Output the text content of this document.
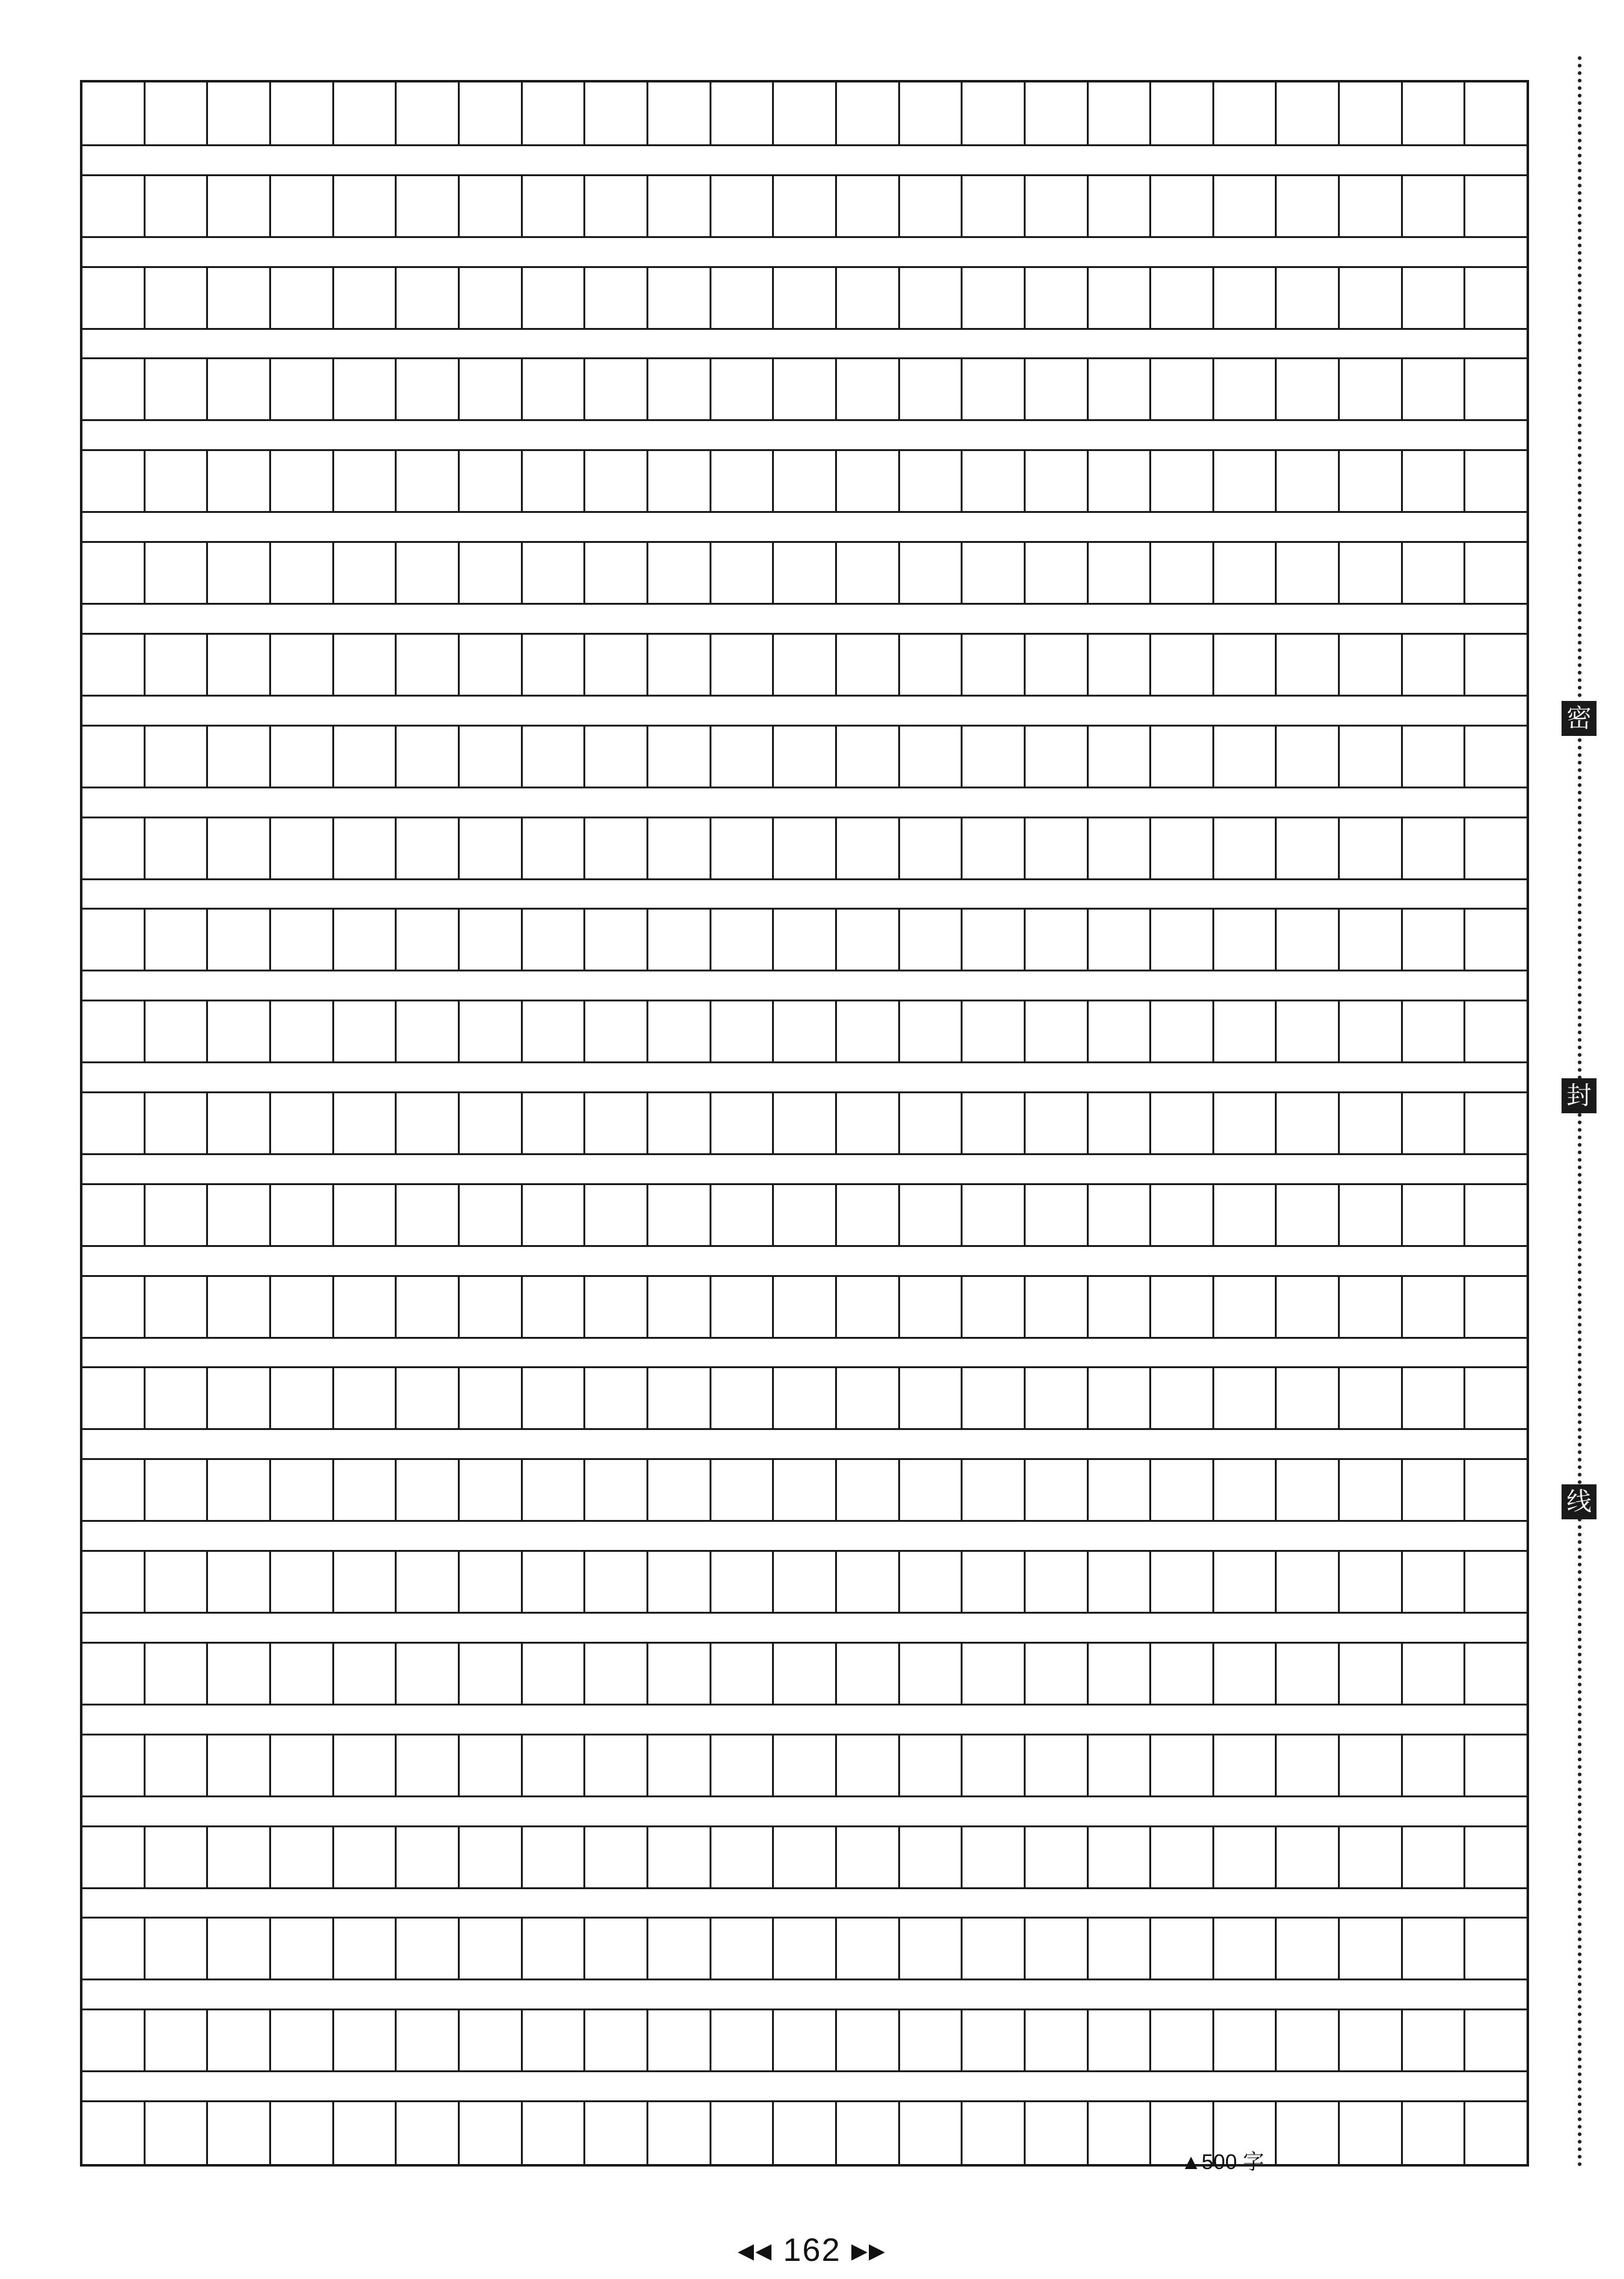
▲500 字
密
封
线
◂◂ 162 ▸▸
